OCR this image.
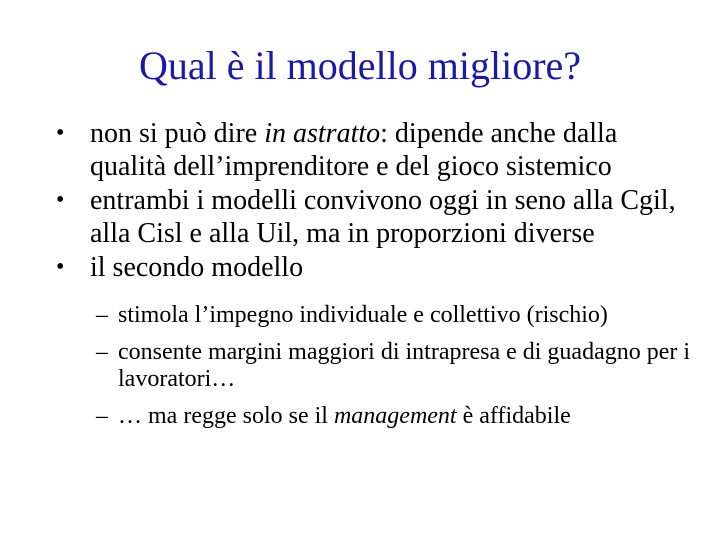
Qual è il modello migliore?
• non si può dire in astratto: dipende anche dalla qualità dell’imprenditore e del gioco sistemico
• entrambi i modelli convivono oggi in seno alla Cgil, alla Cisl e alla Uil, ma in proporzioni diverse
• il secondo modello
– stimola l’impegno individuale e collettivo (rischio)
– consente margini maggiori di intrapresa e di guadagno per i lavoratori…
– … ma regge solo se il management è affidabile
